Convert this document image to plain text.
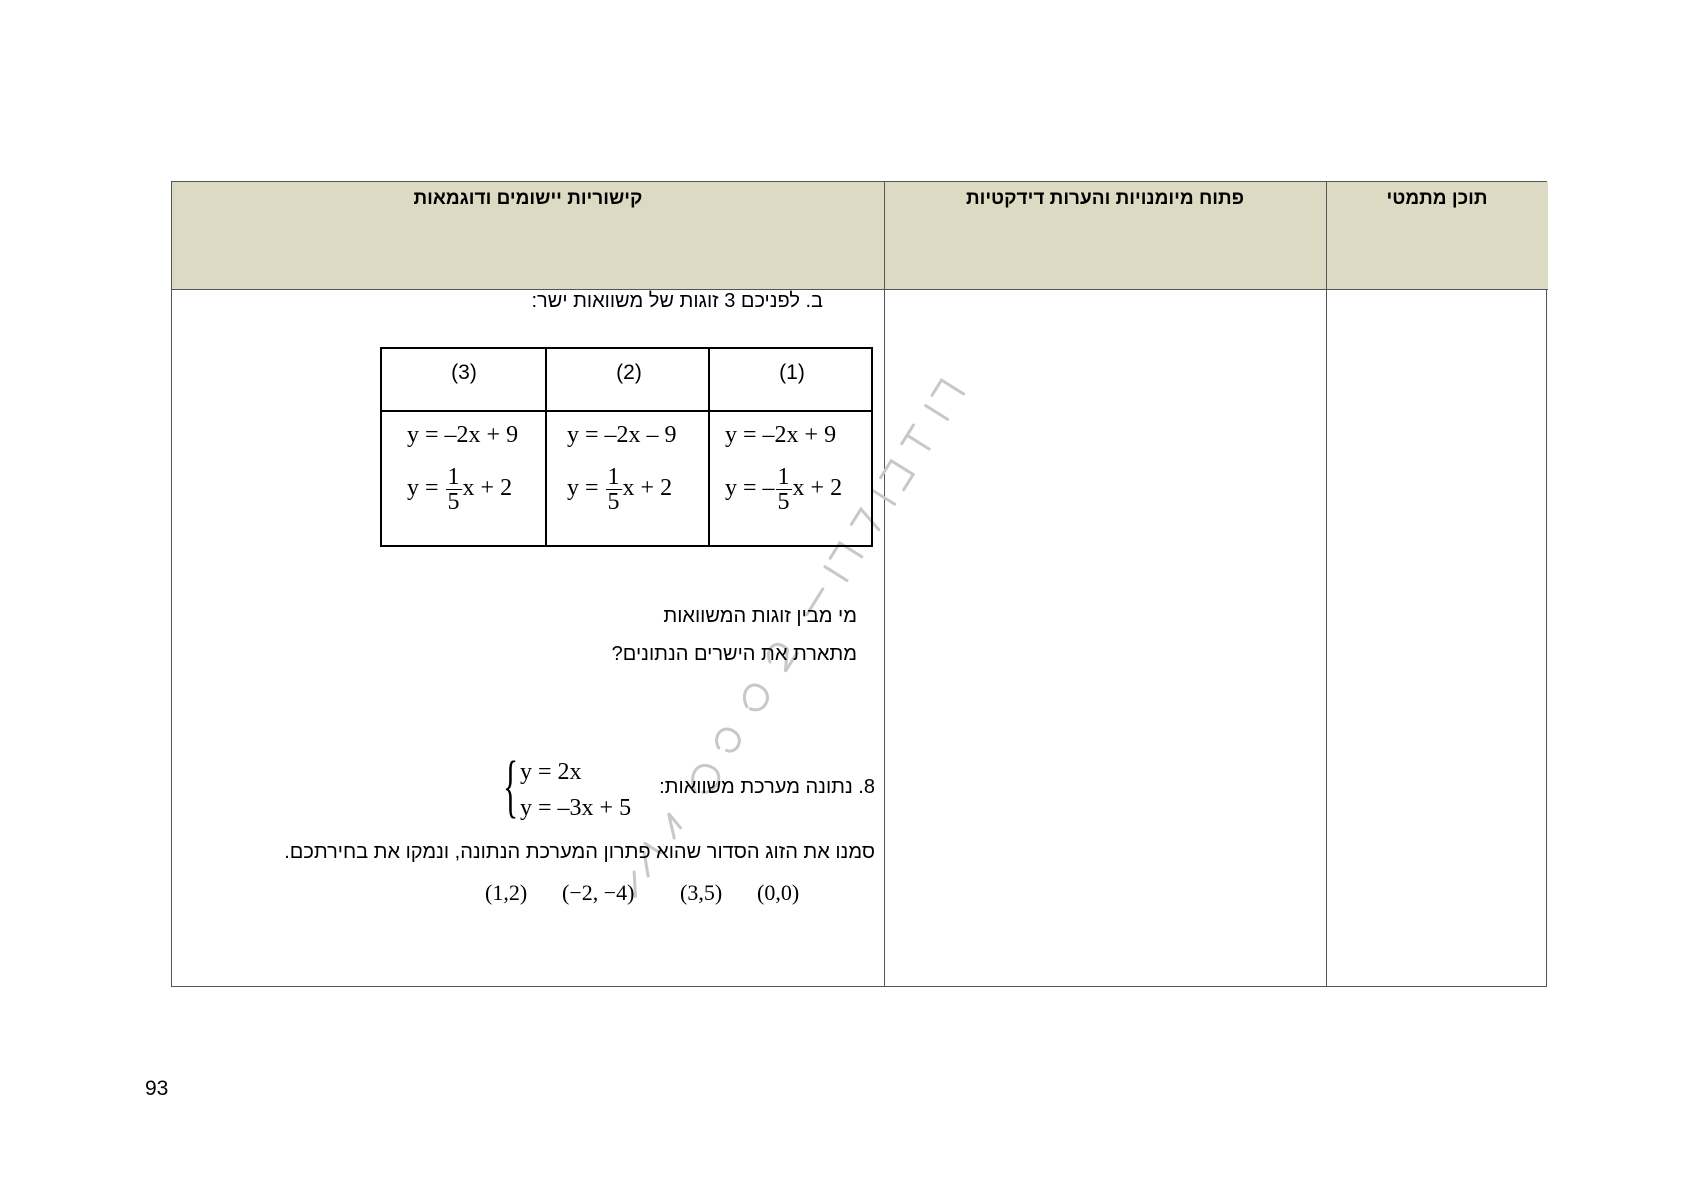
תוכן מתמטי
פתוח מיומנויות והערות דידקטיות
קישוריות יישומים ודוגמאות
ב. לפניכם 3 זוגות של משוואות ישר:
(1)
(2)
(3)
y = –2x + 9
y = – $\frac{1}{5}$ x + 2
y = –2x – 9
$y = \frac{1}{5}$ x + 2
y = –2x + 9
$y = \frac{1}{5}$ x + 2
מי מבין זוגות המשוואות
מתארת את הישרים הנתונים?
8. נתונה מערכת משוואות:
{ y = 2x
y = –3x + 5
סמנו את הזוג הסדור שהוא פתרון המערכת הנתונה, ונמקו את בחירתכם.
(0,0)
(3,5)
(−2, −4)
(1,2)
93
